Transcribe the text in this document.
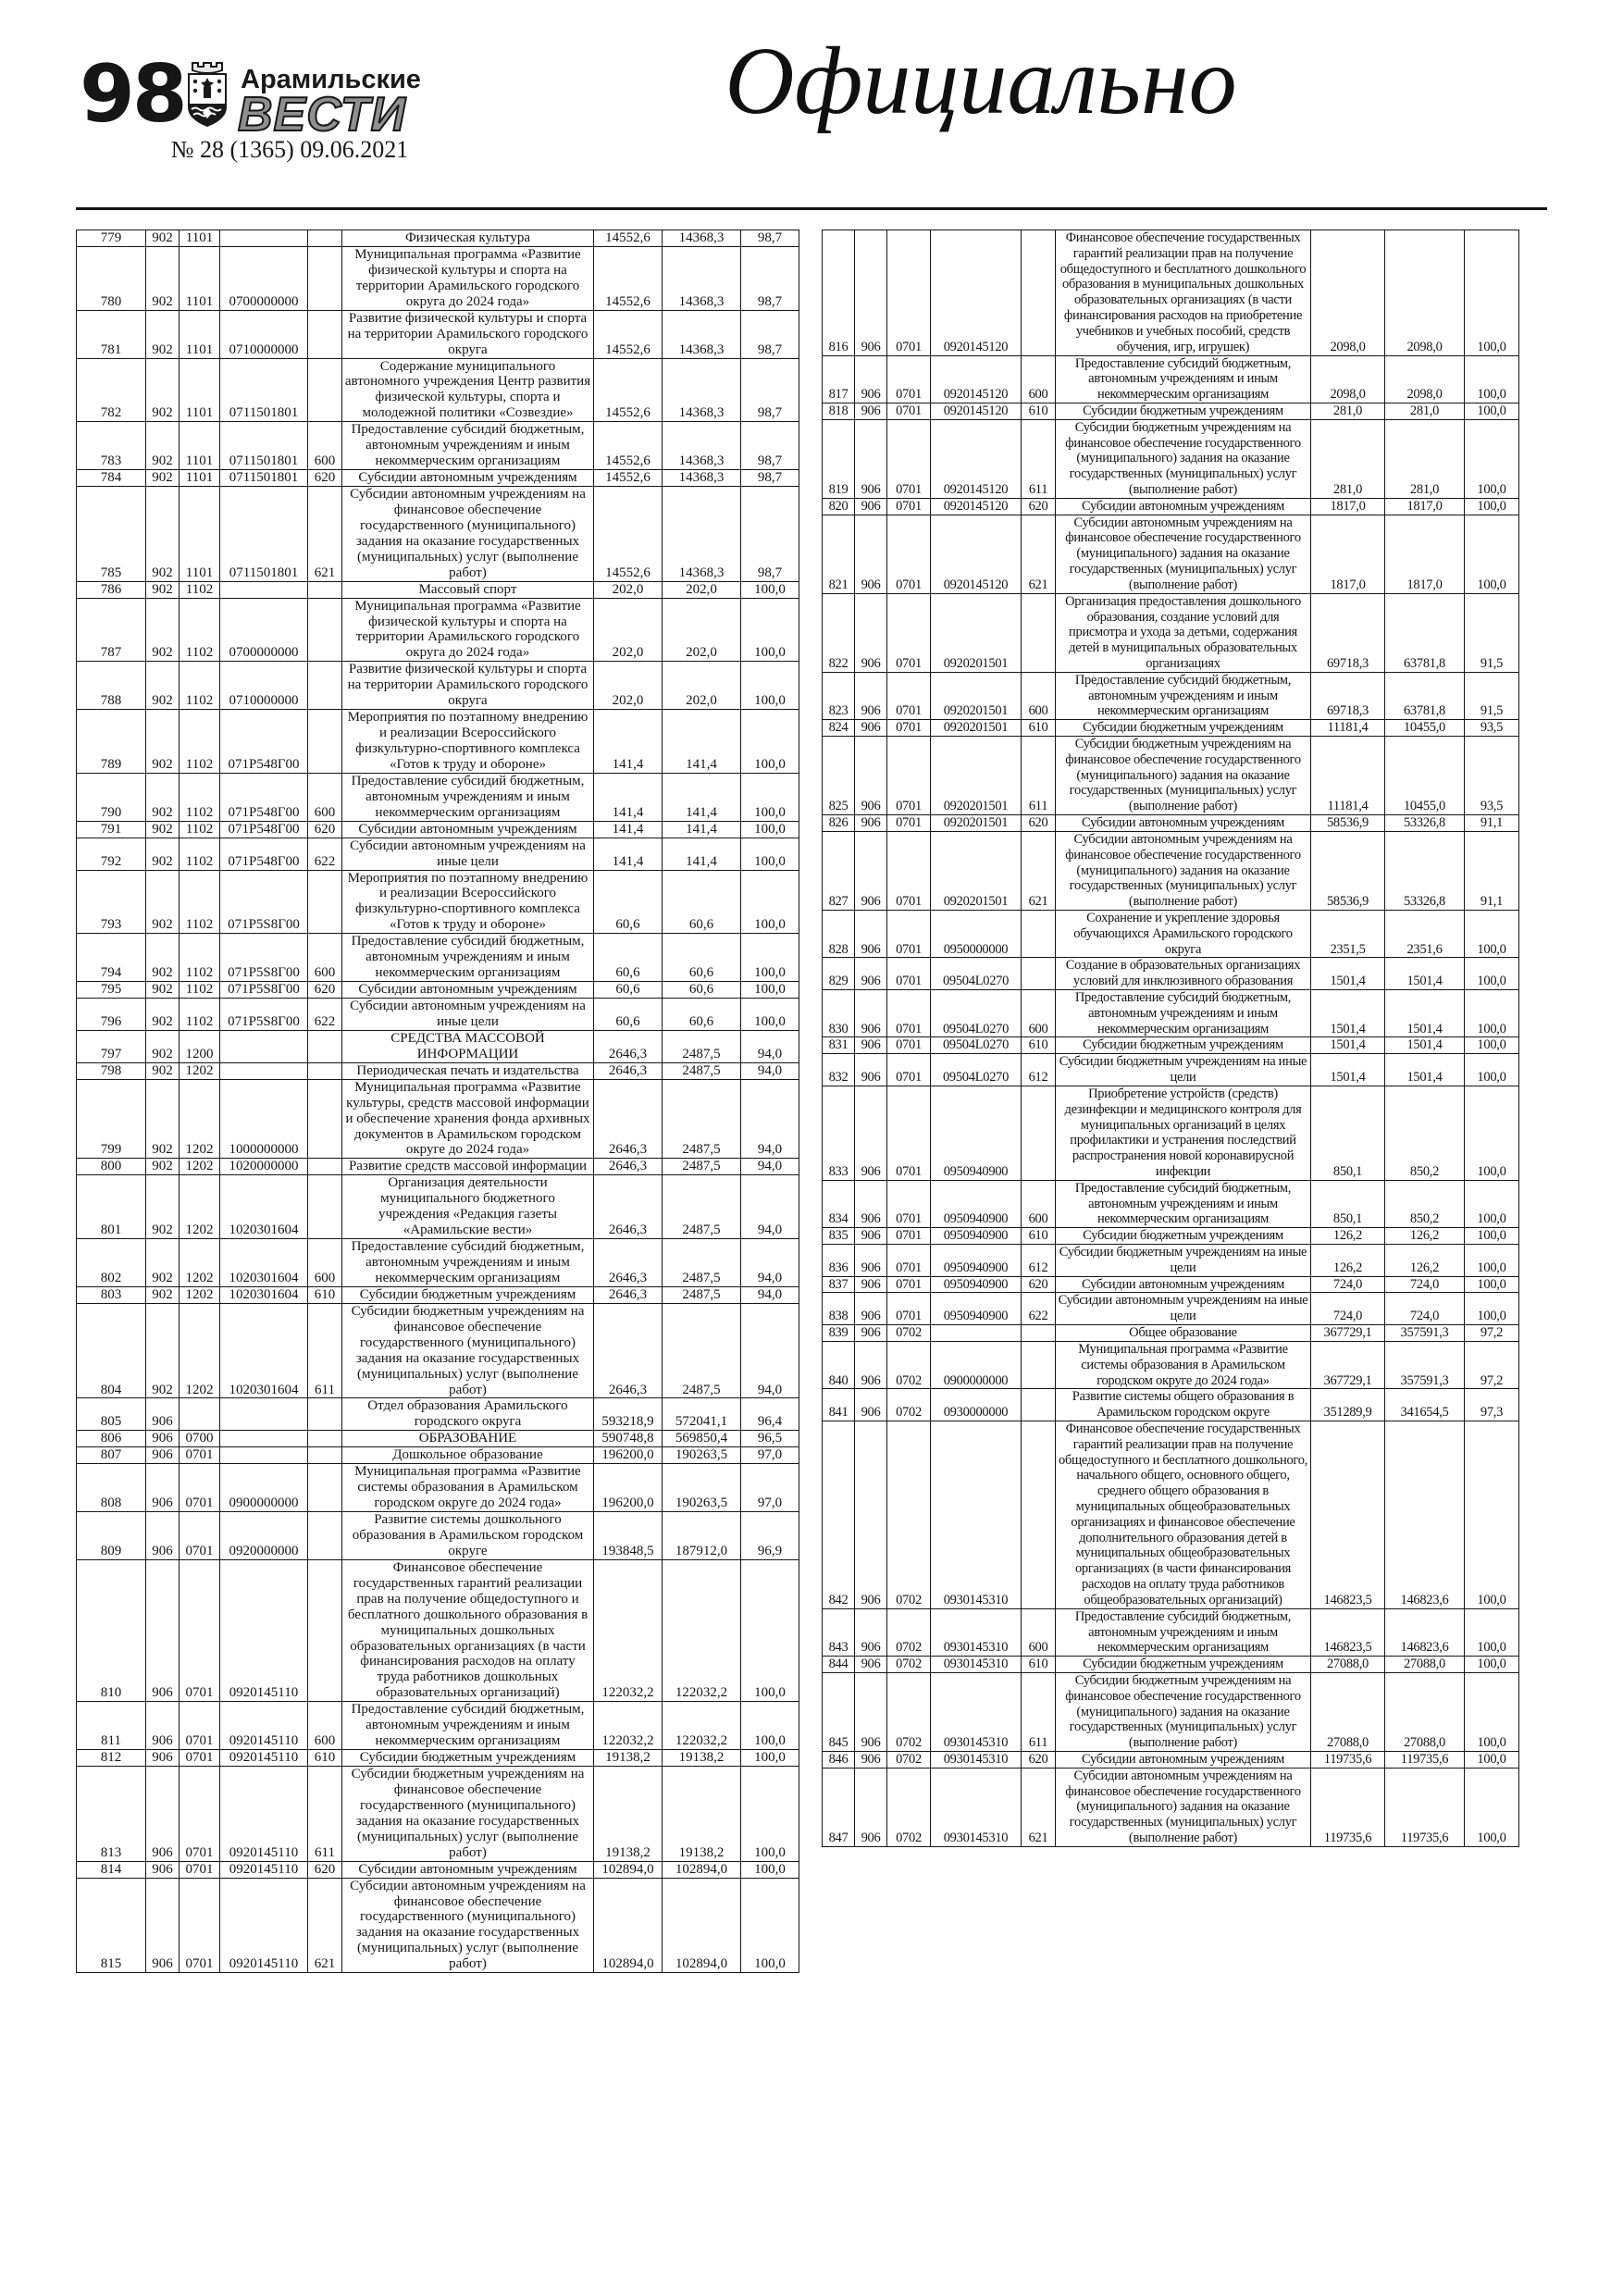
98 Арамильские
ВЕСТИ
№ 28 (1365) 09.06.2021
Официально
779	902	1101			Физическая культура	14552,6	14368,3	98,7
780	902	1101	0700000000		Муниципальная программа «Развитие физической культуры и спорта на территории Арамильского городского округа до 2024 года»	14552,6	14368,3	98,7
781	902	1101	0710000000		Развитие физической культуры и спорта на территории Арамильского городского округа	14552,6	14368,3	98,7
782	902	1101	0711501801		Содержание муниципального автономного учреждения Центр развития физической культуры, спорта и молодежной политики «Созвездие»	14552,6	14368,3	98,7
783	902	1101	0711501801	600	Предоставление субсидий бюджетным, автономным учреждениям и иным некоммерческим организациям	14552,6	14368,3	98,7
784	902	1101	0711501801	620	Субсидии автономным учреждениям	14552,6	14368,3	98,7
785	902	1101	0711501801	621	Субсидии автономным учреждениям на финансовое обеспечение государственного (муниципального) задания на оказание государственных (муниципальных) услуг (выполнение работ)	14552,6	14368,3	98,7
786	902	1102			Массовый спорт	202,0	202,0	100,0
787	902	1102	0700000000		Муниципальная программа «Развитие физической культуры и спорта на территории Арамильского городского округа до 2024 года»	202,0	202,0	100,0
788	902	1102	0710000000		Развитие физической культуры и спорта на территории Арамильского городского округа	202,0	202,0	100,0
789	902	1102	071P548Г00		Мероприятия по поэтапному внедрению и реализации Всероссийского физкультурно-спортивного комплекса «Готов к труду и обороне»	141,4	141,4	100,0
790	902	1102	071P548Г00	600	Предоставление субсидий бюджетным, автономным учреждениям и иным некоммерческим организациям	141,4	141,4	100,0
791	902	1102	071P548Г00	620	Субсидии автономным учреждениям	141,4	141,4	100,0
792	902	1102	071P548Г00	622	Субсидии автономным учреждениям на иные цели	141,4	141,4	100,0
793	902	1102	071P5S8Г00		Мероприятия по поэтапному внедрению и реализации Всероссийского физкультурно-спортивного комплекса «Готов к труду и обороне»	60,6	60,6	100,0
794	902	1102	071P5S8Г00	600	Предоставление субсидий бюджетным, автономным учреждениям и иным некоммерческим организациям	60,6	60,6	100,0
795	902	1102	071P5S8Г00	620	Субсидии автономным учреждениям	60,6	60,6	100,0
796	902	1102	071P5S8Г00	622	Субсидии автономным учреждениям на иные цели	60,6	60,6	100,0
797	902	1200			СРЕДСТВА МАССОВОЙ ИНФОРМАЦИИ	2646,3	2487,5	94,0
798	902	1202			Периодическая печать и издательства	2646,3	2487,5	94,0
799	902	1202	1000000000		Муниципальная программа «Развитие культуры, средств массовой информации и обеспечение хранения фонда архивных документов в Арамильском городском округе до 2024 года»	2646,3	2487,5	94,0
800	902	1202	1020000000		Развитие средств массовой информации	2646,3	2487,5	94,0
801	902	1202	1020301604		Организация деятельности муниципального бюджетного учреждения «Редакция газеты «Арамильские вести»	2646,3	2487,5	94,0
802	902	1202	1020301604	600	Предоставление субсидий бюджетным, автономным учреждениям и иным некоммерческим организациям	2646,3	2487,5	94,0
803	902	1202	1020301604	610	Субсидии бюджетным учреждениям	2646,3	2487,5	94,0
804	902	1202	1020301604	611	Субсидии бюджетным учреждениям на финансовое обеспечение государственного (муниципального) задания на оказание государственных (муниципальных) услуг (выполнение работ)	2646,3	2487,5	94,0
805	906				Отдел образования Арамильского городского округа	593218,9	572041,1	96,4
806	906	0700			ОБРАЗОВАНИЕ	590748,8	569850,4	96,5
807	906	0701			Дошкольное образование	196200,0	190263,5	97,0
808	906	0701	0900000000		Муниципальная программа «Развитие системы образования в Арамильском городском округе до 2024 года»	196200,0	190263,5	97,0
809	906	0701	0920000000		Развитие системы дошкольного образования в Арамильском городском округе	193848,5	187912,0	96,9
810	906	0701	0920145110		Финансовое обеспечение государственных гарантий реализации прав на получение общедоступного и бесплатного дошкольного образования в муниципальных дошкольных образовательных организациях (в части финансирования расходов на оплату труда работников дошкольных образовательных организаций)	122032,2	122032,2	100,0
811	906	0701	0920145110	600	Предоставление субсидий бюджетным, автономным учреждениям и иным некоммерческим организациям	122032,2	122032,2	100,0
812	906	0701	0920145110	610	Субсидии бюджетным учреждениям	19138,2	19138,2	100,0
813	906	0701	0920145110	611	Субсидии бюджетным учреждениям на финансовое обеспечение государственного (муниципального) задания на оказание государственных (муниципальных) услуг (выполнение работ)	19138,2	19138,2	100,0
814	906	0701	0920145110	620	Субсидии автономным учреждениям	102894,0	102894,0	100,0
815	906	0701	0920145110	621	Субсидии автономным учреждениям на финансовое обеспечение государственного (муниципального) задания на оказание государственных (муниципальных) услуг (выполнение работ)	102894,0	102894,0	100,0
816	906	0701	0920145120		Финансовое обеспечение государственных гарантий реализации прав на получение общедоступного и бесплатного дошкольного образования в муниципальных дошкольных образовательных организациях (в части финансирования расходов на приобретение учебников и учебных пособий, средств обучения, игр, игрушек)	2098,0	2098,0	100,0
817	906	0701	0920145120	600	Предоставление субсидий бюджетным, автономным учреждениям и иным некоммерческим организациям	2098,0	2098,0	100,0
818	906	0701	0920145120	610	Субсидии бюджетным учреждениям	281,0	281,0	100,0
819	906	0701	0920145120	611	Субсидии бюджетным учреждениям на финансовое обеспечение государственного (муниципального) задания на оказание государственных (муниципальных) услуг (выполнение работ)	281,0	281,0	100,0
820	906	0701	0920145120	620	Субсидии автономным учреждениям	1817,0	1817,0	100,0
821	906	0701	0920145120	621	Субсидии автономным учреждениям на финансовое обеспечение государственного (муниципального) задания на оказание государственных (муниципальных) услуг (выполнение работ)	1817,0	1817,0	100,0
822	906	0701	0920201501		Организация предоставления дошкольного образования, создание условий для присмотра и ухода за детьми, содержания детей в муниципальных образовательных организациях	69718,3	63781,8	91,5
823	906	0701	0920201501	600	Предоставление субсидий бюджетным, автономным учреждениям и иным некоммерческим организациям	69718,3	63781,8	91,5
824	906	0701	0920201501	610	Субсидии бюджетным учреждениям	11181,4	10455,0	93,5
825	906	0701	0920201501	611	Субсидии бюджетным учреждениям на финансовое обеспечение государственного (муниципального) задания на оказание государственных (муниципальных) услуг (выполнение работ)	11181,4	10455,0	93,5
826	906	0701	0920201501	620	Субсидии автономным учреждениям	58536,9	53326,8	91,1
827	906	0701	0920201501	621	Субсидии автономным учреждениям на финансовое обеспечение государственного (муниципального) задания на оказание государственных (муниципальных) услуг (выполнение работ)	58536,9	53326,8	91,1
828	906	0701	0950000000		Сохранение и укрепление здоровья обучающихся Арамильского городского округа	2351,5	2351,6	100,0
829	906	0701	09504L0270		Создание в образовательных организациях условий для инклюзивного образования	1501,4	1501,4	100,0
830	906	0701	09504L0270	600	Предоставление субсидий бюджетным, автономным учреждениям и иным некоммерческим организациям	1501,4	1501,4	100,0
831	906	0701	09504L0270	610	Субсидии бюджетным учреждениям	1501,4	1501,4	100,0
832	906	0701	09504L0270	612	Субсидии бюджетным учреждениям на иные цели	1501,4	1501,4	100,0
833	906	0701	0950940900		Приобретение устройств (средств) дезинфекции и медицинского контроля для муниципальных организаций в целях профилактики и устранения последствий распространения новой коронавирусной инфекции	850,1	850,2	100,0
834	906	0701	0950940900	600	Предоставление субсидий бюджетным, автономным учреждениям и иным некоммерческим организациям	850,1	850,2	100,0
835	906	0701	0950940900	610	Субсидии бюджетным учреждениям	126,2	126,2	100,0
836	906	0701	0950940900	612	Субсидии бюджетным учреждениям на иные цели	126,2	126,2	100,0
837	906	0701	0950940900	620	Субсидии автономным учреждениям	724,0	724,0	100,0
838	906	0701	0950940900	622	Субсидии автономным учреждениям на иные цели	724,0	724,0	100,0
839	906	0702			Общее образование	367729,1	357591,3	97,2
840	906	0702	0900000000		Муниципальная программа «Развитие системы образования в Арамильском городском округе до 2024 года»	367729,1	357591,3	97,2
841	906	0702	0930000000		Развитие системы общего образования в Арамильском городском округе	351289,9	341654,5	97,3
842	906	0702	0930145310		Финансовое обеспечение государственных гарантий реализации прав на получение общедоступного и бесплатного дошкольного, начального общего, основного общего, среднего общего образования в муниципальных общеобразовательных организациях и финансовое обеспечение дополнительного образования детей в муниципальных общеобразовательных организациях (в части финансирования расходов на оплату труда работников общеобразовательных организаций)	146823,5	146823,6	100,0
843	906	0702	0930145310	600	Предоставление субсидий бюджетным, автономным учреждениям и иным некоммерческим организациям	146823,5	146823,6	100,0
844	906	0702	0930145310	610	Субсидии бюджетным учреждениям	27088,0	27088,0	100,0
845	906	0702	0930145310	611	Субсидии бюджетным учреждениям на финансовое обеспечение государственного (муниципального) задания на оказание государственных (муниципальных) услуг (выполнение работ)	27088,0	27088,0	100,0
846	906	0702	0930145310	620	Субсидии автономным учреждениям	119735,6	119735,6	100,0
847	906	0702	0930145310	621	Субсидии автономным учреждениям на финансовое обеспечение государственного (муниципального) задания на оказание государственных (муниципальных) услуг (выполнение работ)	119735,6	119735,6	100,0
